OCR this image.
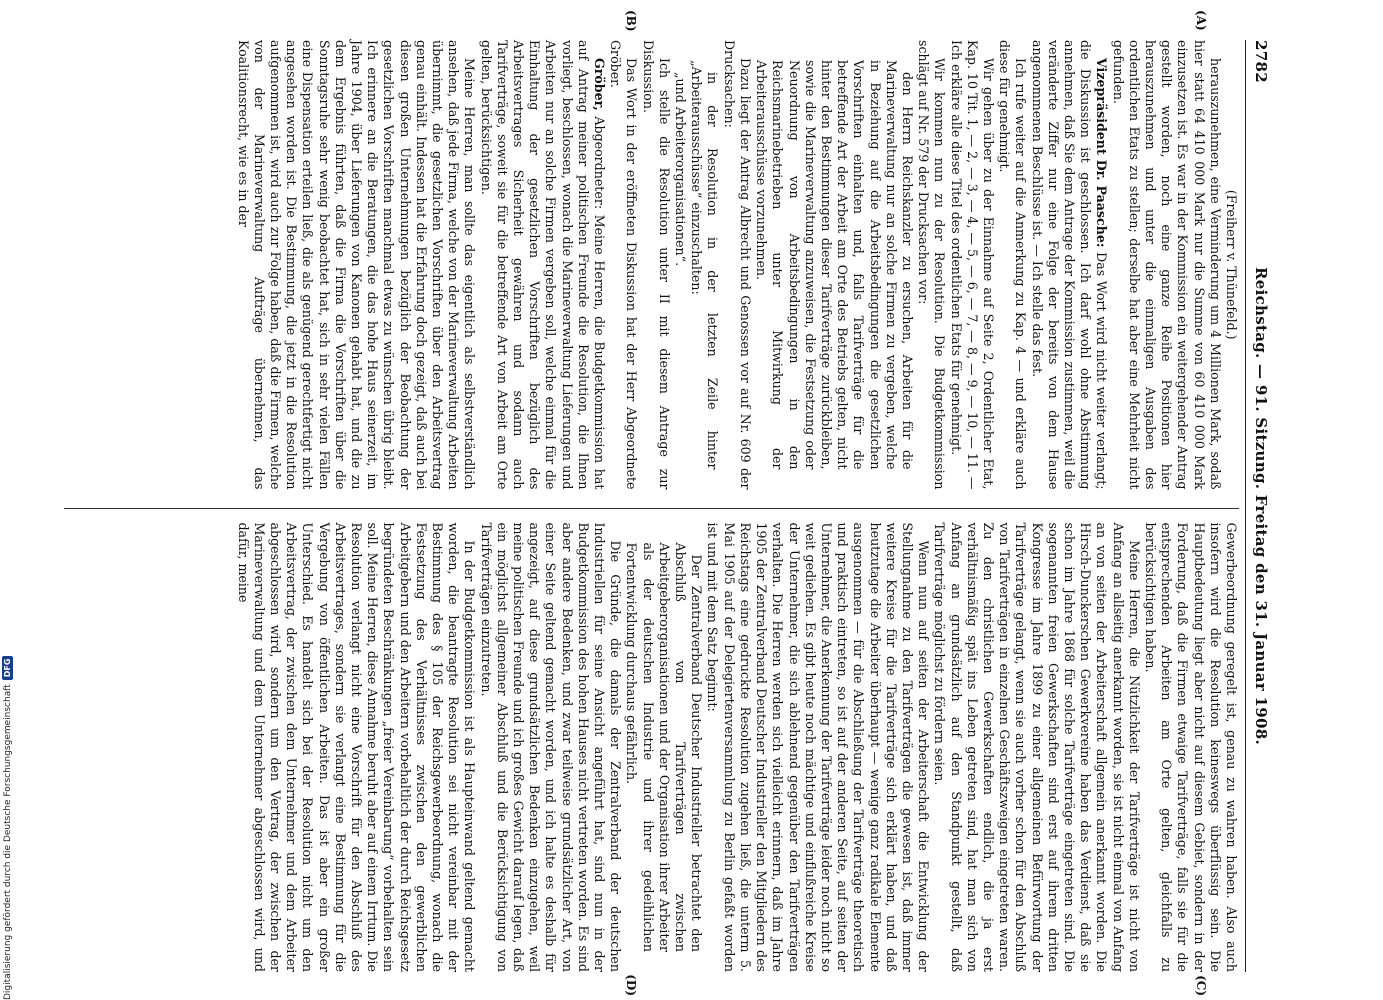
2782
Reichstag. — 91. Sitzung. Freitag den 31. Januar 1908.
(A)
(B)

(Freiherr v. Thünefeld.)

herauszunehmen, eine Verminderung um 4 Millionen Mark, sodaß hier statt 64 410 000 Mark nur die Summe von 60 410 000 Mark einzusetzen ist. Es war in der Kommission ein weitergehender Antrag gestellt worden, noch eine ganze Reihe Positionen hier herauszunehmen und unter die einmaligen Ausgaben des ordentlichen Etats zu stellen; derselbe hat aber eine Mehrheit nicht gefunden.

Vizepräsident Dr. Paasche: Das Wort wird nicht weiter verlangt; die Diskussion ist geschlossen. Ich darf wohl ohne Abstimmung annehmen, daß Sie dem Antrage der Kommission zustimmen, weil die veränderte Ziffer nur eine Folge der bereits von dem Hause angenommenen Beschlüsse ist. — Ich stelle das fest.

Ich rufe weiter auf die Anmerkung zu Kap. 4 — und erkläre auch diese für genehmigt.

Wir gehen über zu der Einnahme auf Seite 2, Ordentlicher Etat, Kap. 10 Tit. 1, — 2, — 3, — 4, — 5, — 6, — 7, — 8, — 9, — 10, — 11. — Ich erkläre alle diese Titel des ordentlichen Etats für genehmigt.

Wir kommen nun zu der Resolution. Die Budgetkommission schlägt auf Nr. 579 der Drucksachen vor:

den Herrn Reichskanzler zu ersuchen, Arbeiten für die Marineverwaltung nur an solche Firmen zu vergeben, welche in Beziehung auf die Arbeitsbedingungen die gesetzlichen Vorschriften einhalten und, falls Tarifverträge für die betreffende Art der Arbeit am Orte des Betriebs gelten, nicht hinter den Bestimmungen dieser Tarifverträge zurückbleiben, sowie die Marineverwaltung anzuweisen, die Festsetzung oder Neuordnung von Arbeitsbedingungen in den Reichsmarinebetrieben unter Mitwirkung der Arbeiterausschüsse vorzunehmen.

Dazu liegt der Antrag Albrecht und Genossen vor auf Nr. 609 der Drucksachen:

in der Resolution in der letzten Zeile hinter „Arbeiterausschüsse“ einzuschalten:

„und Arbeiterorganisationen“.

Ich stelle die Resolution unter II mit diesem Antrage zur Diskussion.

Das Wort in der eröffneten Diskussion hat der Herr Abgeordnete Gröber.

Gröber, Abgeordneter: Meine Herren, die Budgetkommission hat auf Antrag meiner politischen Freunde die Resolution, die Ihnen vorliegt, beschlossen, wonach die Marineverwaltung Lieferungen und Arbeiten nur an solche Firmen vergeben soll, welche einmal für die Einhaltung der gesetzlichen Vorschriften bezüglich des Arbeitsvertrages Sicherheit gewähren und sodann auch Tarifverträge, soweit sie für die betreffende Art von Arbeit am Orte gelten, berücksichtigen.

Meine Herren, man sollte das eigentlich als selbstverständlich ansehen, daß jede Firma, welche von der Marineverwaltung Arbeiten übernimmt, die gesetzlichen Vorschriften über den Arbeitsvertrag genau einhält. Indessen hat die Erfahrung doch gezeigt, daß auch bei diesen großen Unternehmungen bezüglich der Beobachtung der gesetzlichen Vorschriften manchmal etwas zu wünschen übrig bleibt. Ich erinnere an die Beratungen, die das hohe Haus seinerzeit, im Jahre 1904, über Lieferungen von Kanonen gehabt hat, und die zu dem Ergebnis führten, daß die Firma die Vorschriften über die Sonntagsruhe sehr wenig beobachtet hat, sich in sehr vielen Fällen eine Dispensation erteilen ließ, die als genügend gerechtfertigt nicht angesehen worden ist. Die Bestimmung, die jetzt in die Resolution aufgenommen ist, wird auch zur Folge haben, daß die Firmen, welche von der Marineverwaltung Aufträge übernehmen, das Koalitionsrecht, wie es in der

(C)
(D)

Gewerbeordnung geregelt ist, genau zu wahren haben. Also auch insofern wird die Resolution keineswegs überflüssig sein. Die Hauptbedeutung liegt aber nicht auf diesem Gebiet, sondern in der Forderung, daß die Firmen etwaige Tarifverträge, falls sie für die entsprechenden Arbeiten am Orte gelten, gleichfalls zu berücksichtigen haben.

Meine Herren, die Nützlichkeit der Tarifverträge ist nicht von Anfang an allseitig anerkannt worden, sie ist nicht einmal von Anfang an von seiten der Arbeiterschaft allgemein anerkannt worden. Die Hirsch-Dunckerschen Gewerkvereine haben das Verdienst, daß sie schon im Jahre 1868 für solche Tarifverträge eingetreten sind. Die sogenannten freien Gewerkschaften sind erst auf ihrem dritten Kongresse im Jahre 1899 zu einer allgemeinen Befürwortung der Tarifverträge gelangt, wenn sie auch vorher schon für den Abschluß von Tarifverträgen in einzelnen Geschäftszweigen eingetreten waren. Zu den christlichen Gewerkschaften endlich, die ja erst verhältnismäßig spät ins Leben getreten sind, hat man sich von Anfang an grundsätzlich auf den Standpunkt gestellt, daß Tarifverträge möglichst zu fördern seien.

Wenn nun auf seiten der Arbeiterschaft die Entwicklung der Stellungnahme zu den Tarifverträgen die gewesen ist, daß immer weitere Kreise für die Tarifverträge sich erklärt haben, und daß heutzutage die Arbeiter überhaupt — wenige ganz radikale Elemente ausgenommen — für die Abschließung der Tarifverträge theoretisch und praktisch eintreten, so ist auf der anderen Seite, auf seiten der Unternehmer, die Anerkennung der Tarifverträge leider noch nicht so weit gediehen. Es gibt heute noch mächtige und einflußreiche Kreise der Unternehmer, die sich ablehnend gegenüber den Tarifverträgen verhalten. Die Herren werden sich vielleicht erinnern, daß im Jahre 1905 der Zentralverband Deutscher Industrieller den Mitgliedern des Reichstags eine gedruckte Resolution zugehen ließ, die unterm 5. Mai 1905 auf der Delegiertenversammlung zu Berlin gefaßt worden ist und mit dem Satz beginnt:

Der Zentralverband Deutscher Industrieller betrachtet den Abschluß von Tarifverträgen zwischen Arbeitgeberorganisationen und der Organisation ihrer Arbeiter als der deutschen Industrie und ihrer gedeihlichen Fortentwicklung durchaus gefährlich.

Die Gründe, die damals der Zentralverband der deutschen Industriellen für seine Ansicht angeführt hat, sind nun in der Budgetkommission des hohen Hauses nicht vertreten worden. Es sind aber andere Bedenken, und zwar teilweise grundsätzlicher Art, von einer Seite geltend gemacht worden, und ich halte es deshalb für angezeigt, auf diese grundsätzlichen Bedenken einzugehen, weil meine politischen Freunde und ich großes Gewicht darauf legen, daß ein möglichst allgemeiner Abschluß und die Berücksichtigung von Tarifverträgen einzutreten.

In der Budgetkommission ist als Haupteinwand geltend gemacht worden, die beantragte Resolution sei nicht vereinbar mit der Bestimmung des § 105 der Reichsgewerbeordnung, wonach die Festsetzung des Verhältnisses zwischen den gewerblichen Arbeitgebern und den Arbeitern vorbehaltlich der durch Reichsgesetz begründeten Beschränkungen „freier Vereinbarung“ vorbehalten sein soll. Meine Herren, diese Annahme beruht aber auf einem Irrtum. Die Resolution verlangt nicht eine Vorschrift für den Abschluß des Arbeitsvertrages, sondern sie verlangt eine Bestimmung für die Vergebung von öffentlichen Arbeiten. Das ist aber ein großer Unterschied. Es handelt sich bei der Resolution nicht um den Arbeitsvertrag, der zwischen dem Unternehmer und dem Arbeiter abgeschlossen wird, sondern um den Vertrag, der zwischen der Marineverwaltung und dem Unternehmer abgeschlossen wird, und dafür, meine

Digitalisierung gefördert durch die Deutsche Forschungsgemeinschaft
DFG
